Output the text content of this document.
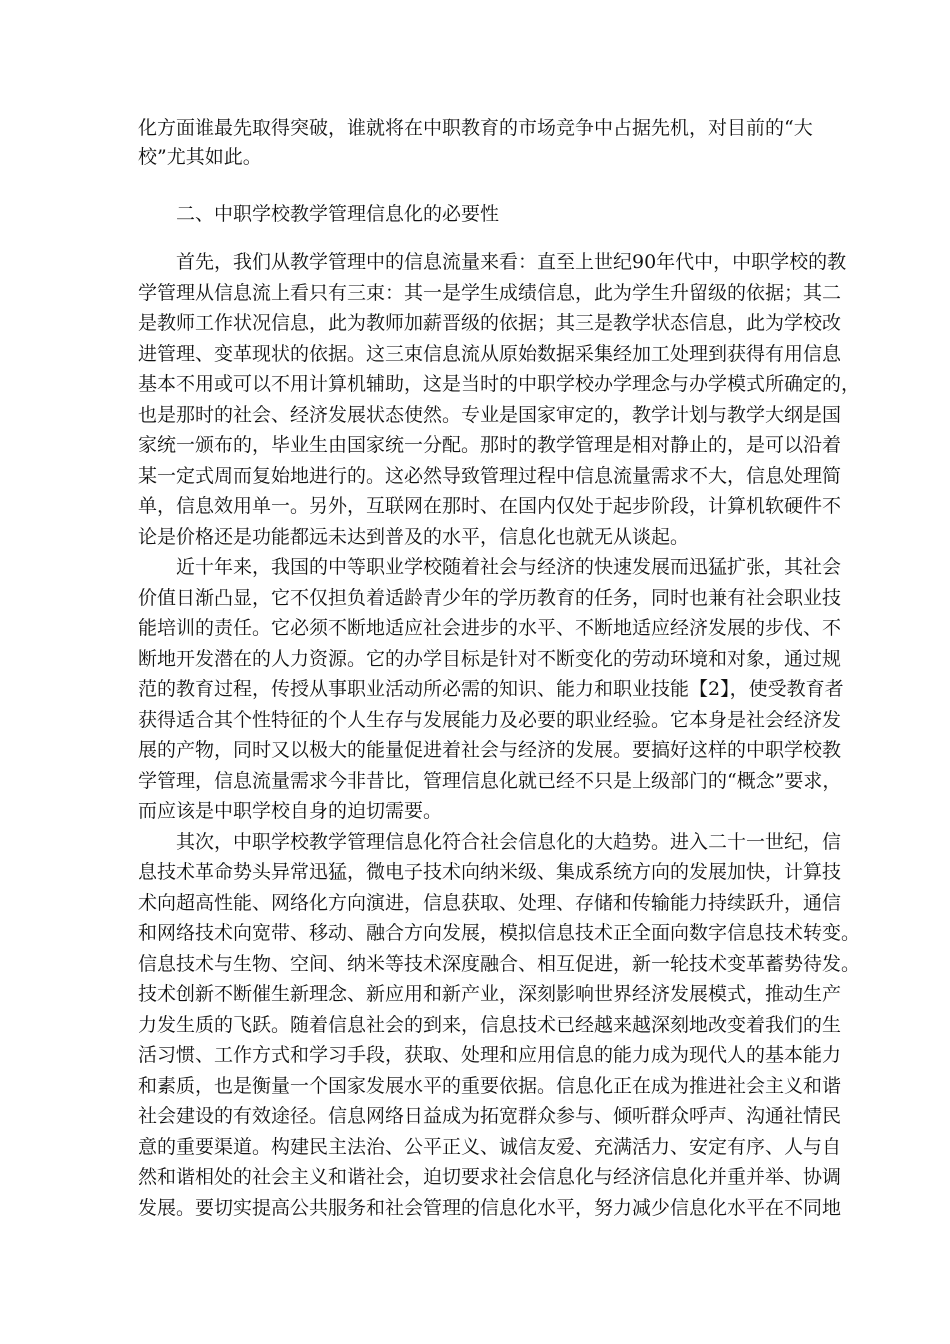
化方面谁最先取得突破，谁就将在中职教育的市场竞争中占据先机，对目前的“大
校”尤其如此。
二、中职学校教学管理信息化的必要性
首先，我们从教学管理中的信息流量来看：直至上世纪90年代中，中职学校的教
学管理从信息流上看只有三束：其一是学生成绩信息，此为学生升留级的依据；其二
是教师工作状况信息，此为教师加薪晋级的依据；其三是教学状态信息，此为学校改
进管理、变革现状的依据。这三束信息流从原始数据采集经加工处理到获得有用信息
基本不用或可以不用计算机辅助，这是当时的中职学校办学理念与办学模式所确定的，
也是那时的社会、经济发展状态使然。专业是国家审定的，教学计划与教学大纲是国
家统一颁布的，毕业生由国家统一分配。那时的教学管理是相对静止的，是可以沿着
某一定式周而复始地进行的。这必然导致管理过程中信息流量需求不大，信息处理简
单，信息效用单一。另外，互联网在那时、在国内仅处于起步阶段，计算机软硬件不
论是价格还是功能都远未达到普及的水平，信息化也就无从谈起。
近十年来，我国的中等职业学校随着社会与经济的快速发展而迅猛扩张，其社会
价值日渐凸显，它不仅担负着适龄青少年的学历教育的任务，同时也兼有社会职业技
能培训的责任。它必须不断地适应社会进步的水平、不断地适应经济发展的步伐、不
断地开发潜在的人力资源。它的办学目标是针对不断变化的劳动环境和对象，通过规
范的教育过程，传授从事职业活动所必需的知识、能力和职业技能【2】，使受教育者
获得适合其个性特征的个人生存与发展能力及必要的职业经验。它本身是社会经济发
展的产物，同时又以极大的能量促进着社会与经济的发展。要搞好这样的中职学校教
学管理，信息流量需求今非昔比，管理信息化就已经不只是上级部门的“概念”要求，
而应该是中职学校自身的迫切需要。
其次，中职学校教学管理信息化符合社会信息化的大趋势。进入二十一世纪，信
息技术革命势头异常迅猛，微电子技术向纳米级、集成系统方向的发展加快，计算技
术向超高性能、网络化方向演进，信息获取、处理、存储和传输能力持续跃升，通信
和网络技术向宽带、移动、融合方向发展，模拟信息技术正全面向数字信息技术转变。
信息技术与生物、空间、纳米等技术深度融合、相互促进，新一轮技术变革蓄势待发。
技术创新不断催生新理念、新应用和新产业，深刻影响世界经济发展模式，推动生产
力发生质的飞跃。随着信息社会的到来，信息技术已经越来越深刻地改变着我们的生
活习惯、工作方式和学习手段，获取、处理和应用信息的能力成为现代人的基本能力
和素质，也是衡量一个国家发展水平的重要依据。信息化正在成为推进社会主义和谐
社会建设的有效途径。信息网络日益成为拓宽群众参与、倾听群众呼声、沟通社情民
意的重要渠道。构建民主法治、公平正义、诚信友爱、充满活力、安定有序、人与自
然和谐相处的社会主义和谐社会，迫切要求社会信息化与经济信息化并重并举、协调
发展。要切实提高公共服务和社会管理的信息化水平，努力减少信息化水平在不同地
